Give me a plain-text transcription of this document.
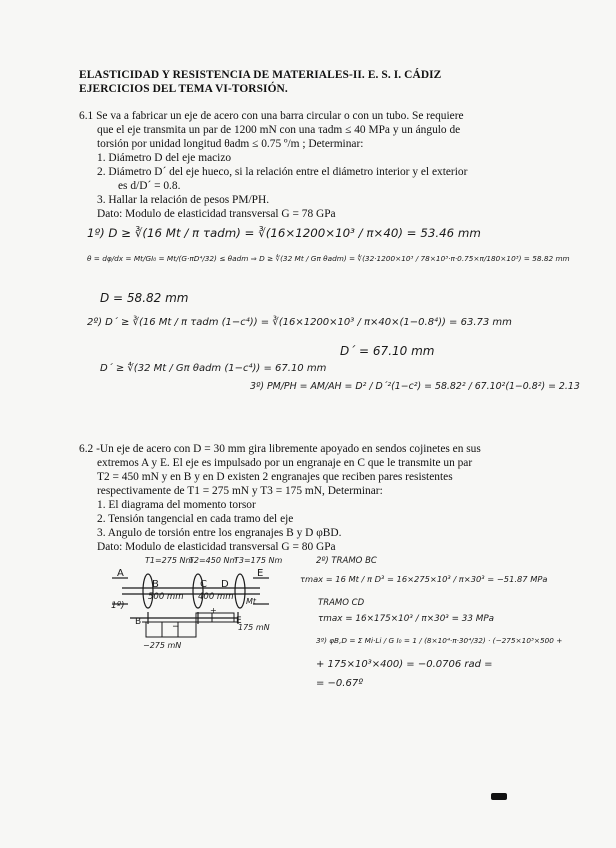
ELASTICIDAD Y RESISTENCIA DE MATERIALES-II. E. S. I. CÁDIZ
EJERCICIOS DEL TEMA VI-TORSIÓN.
6.1 Se va a fabricar un eje de acero con una barra circular o con un tubo. Se requiere
que el eje transmita un par de 1200 mN con una τadm ≤ 40 MPa y un ángulo de
torsión por unidad longitud θadm ≤ 0.75 º/m ; Determinar:
1. Diámetro D del eje macizo
2. Diámetro D´ del eje hueco, si la relación entre el diámetro interior y el exterior
es d/D´ = 0.8.
3. Hallar la relación de pesos PM/PH.
Dato: Modulo de elasticidad transversal G = 78 GPa
1º) D ≥ ∛(16 Mt / π τadm) = ∛(16×1200×10³ / π×40) = 53.46 mm
θ = dφ/dx = Mt/GI₀ = Mt/(G·πD⁴/32) ≤ θadm ⇒ D ≥ ∜(32 Mt / Gπ θadm) = ∜(32·1200×10³ / 78×10³·π·0.75×π/180×10³) = 58.82 mm
D = 58.82 mm
2º) D´ ≥ ∛(16 Mt / π τadm (1−c⁴)) = ∛(16×1200×10³ / π×40×(1−0.8⁴)) = 63.73 mm
D´ = 67.10 mm
D´ ≥ ∜(32 Mt / Gπ θadm (1−c⁴)) = 67.10 mm
3º) PM/PH = AM/AH = D² / D´²(1−c²) = 58.82² / 67.10²(1−0.8²) = 2.13
6.2 -Un eje de acero con D = 30 mm gira libremente apoyado en sendos cojinetes en sus
extremos A y E. El eje es impulsado por un engranaje en C que le transmite un par
T2 = 450 mN y en B y en D existen 2 engranajes que reciben pares resistentes
respectivamente de T1 = 275 mN y T3 = 175 mN, Determinar:
1. El diagrama del momento torsor
2. Tensión tangencial en cada tramo del eje
3. Angulo de torsión entre los engranajes B y D φBD.
Dato: Modulo de elasticidad transversal G = 80 GPa
T1=275 Nm
T2=450 Nm
T3=175 Nm
A
B	C D
E
500 mm 400 mm Mt
1º)
B	E
+
−	175 mN
−275 mN
2º) TRAMO BC
τmax = 16 Mt / π D³ = 16×275×10³ / π×30³ = −51.87 MPa
TRAMO CD
τmax = 16×175×10³ / π×30³ = 33 MPa
3º) φB,D = Σ Mi·Li / G I₀ = 1 / (8×10⁴·π·30⁴/32) · (−275×10³×500 +
+ 175×10³×400) = −0.0706 rad =
= −0.67º
